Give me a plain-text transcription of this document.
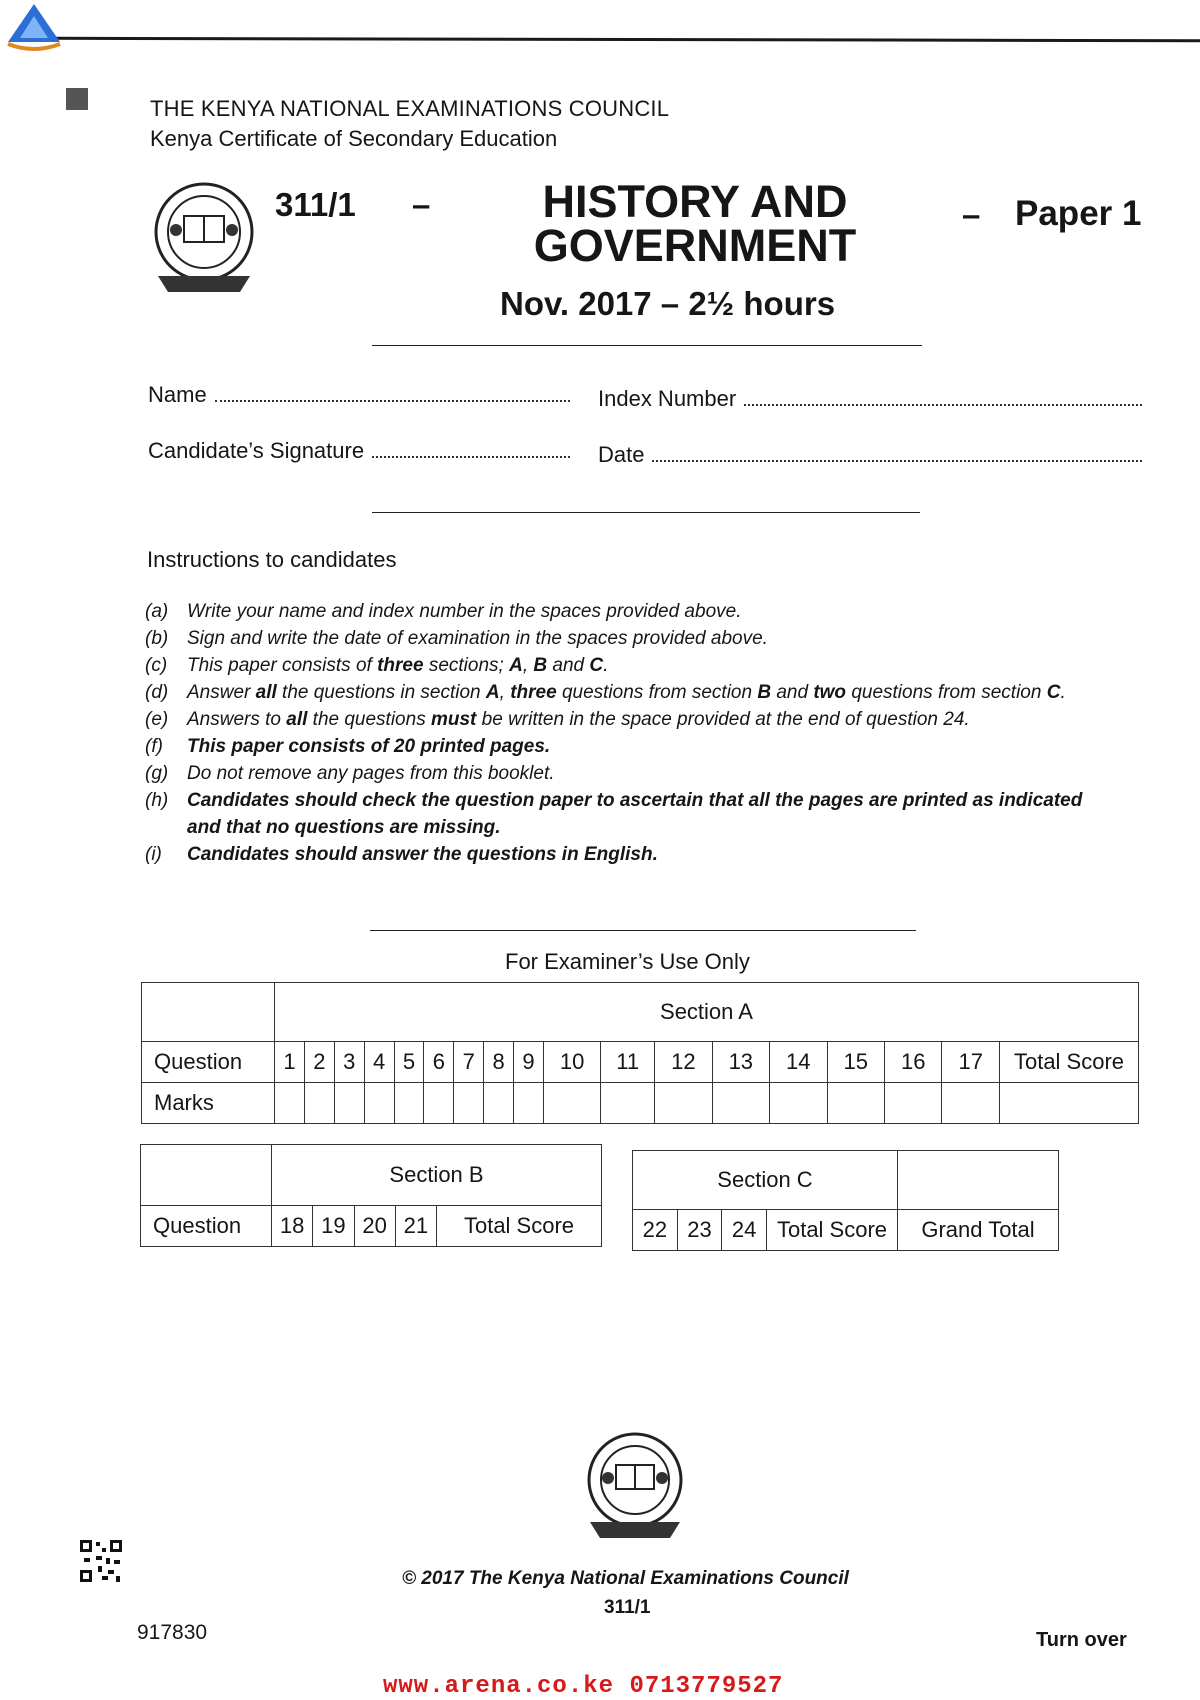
THE KENYA NATIONAL EXAMINATIONS COUNCIL
Kenya Certificate of Secondary Education
311/1 –	HISTORY AND
GOVERNMENT
– Paper 1
Nov. 2017 – 2½ hours
Name	Index Number
Candidate’s Signature	Date
Instructions to candidates
(a) Write your name and index number in the spaces provided above.
(b) Sign and write the date of examination in the spaces provided above.
(c)	This paper consists of three sections; A, B and C.
(d) Answer all the questions in section A, three questions from section B and two questions from section C.
(e) Answers to all the questions must be written in the space provided at the end of question 24.
(f)	This paper consists of 20 printed pages.
(g) Do not remove any pages from this booklet.
(h) Candidates should check the question paper to ascertain that all the pages are printed as indicated and that no questions are missing.
(i)	Candidates should answer the questions in English.
For Examiner’s Use Only
	Section A																	
Question	1	2	3	4	5	6	7	8	9	10	11	12	13	14	15	16	17	Total Score
Marks																		
	Section B				
Question	18	19	20	21	Total Score
Section C				
22	23	24	Total Score	Grand Total
© 2017 The Kenya National Examinations Council
311/1
917830	Turn over
www.arena.co.ke 0713779527
